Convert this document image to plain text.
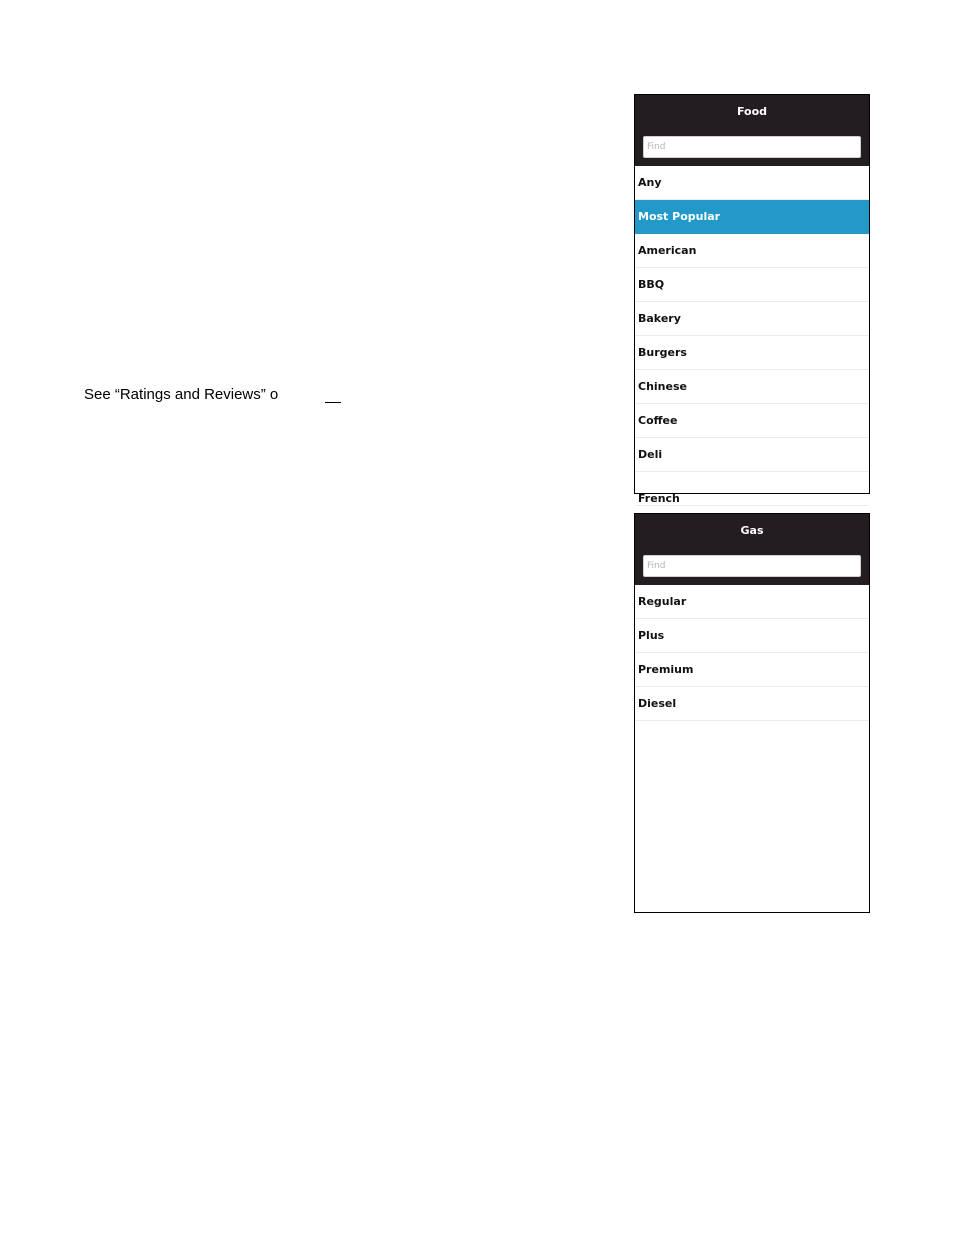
See “Ratings and Reviews” o
Food
Find
Any
Most Popular
American
BBQ
Bakery
Burgers
Chinese
Coffee
Deli
French
Gas
Find
Regular
Plus
Premium
Diesel
